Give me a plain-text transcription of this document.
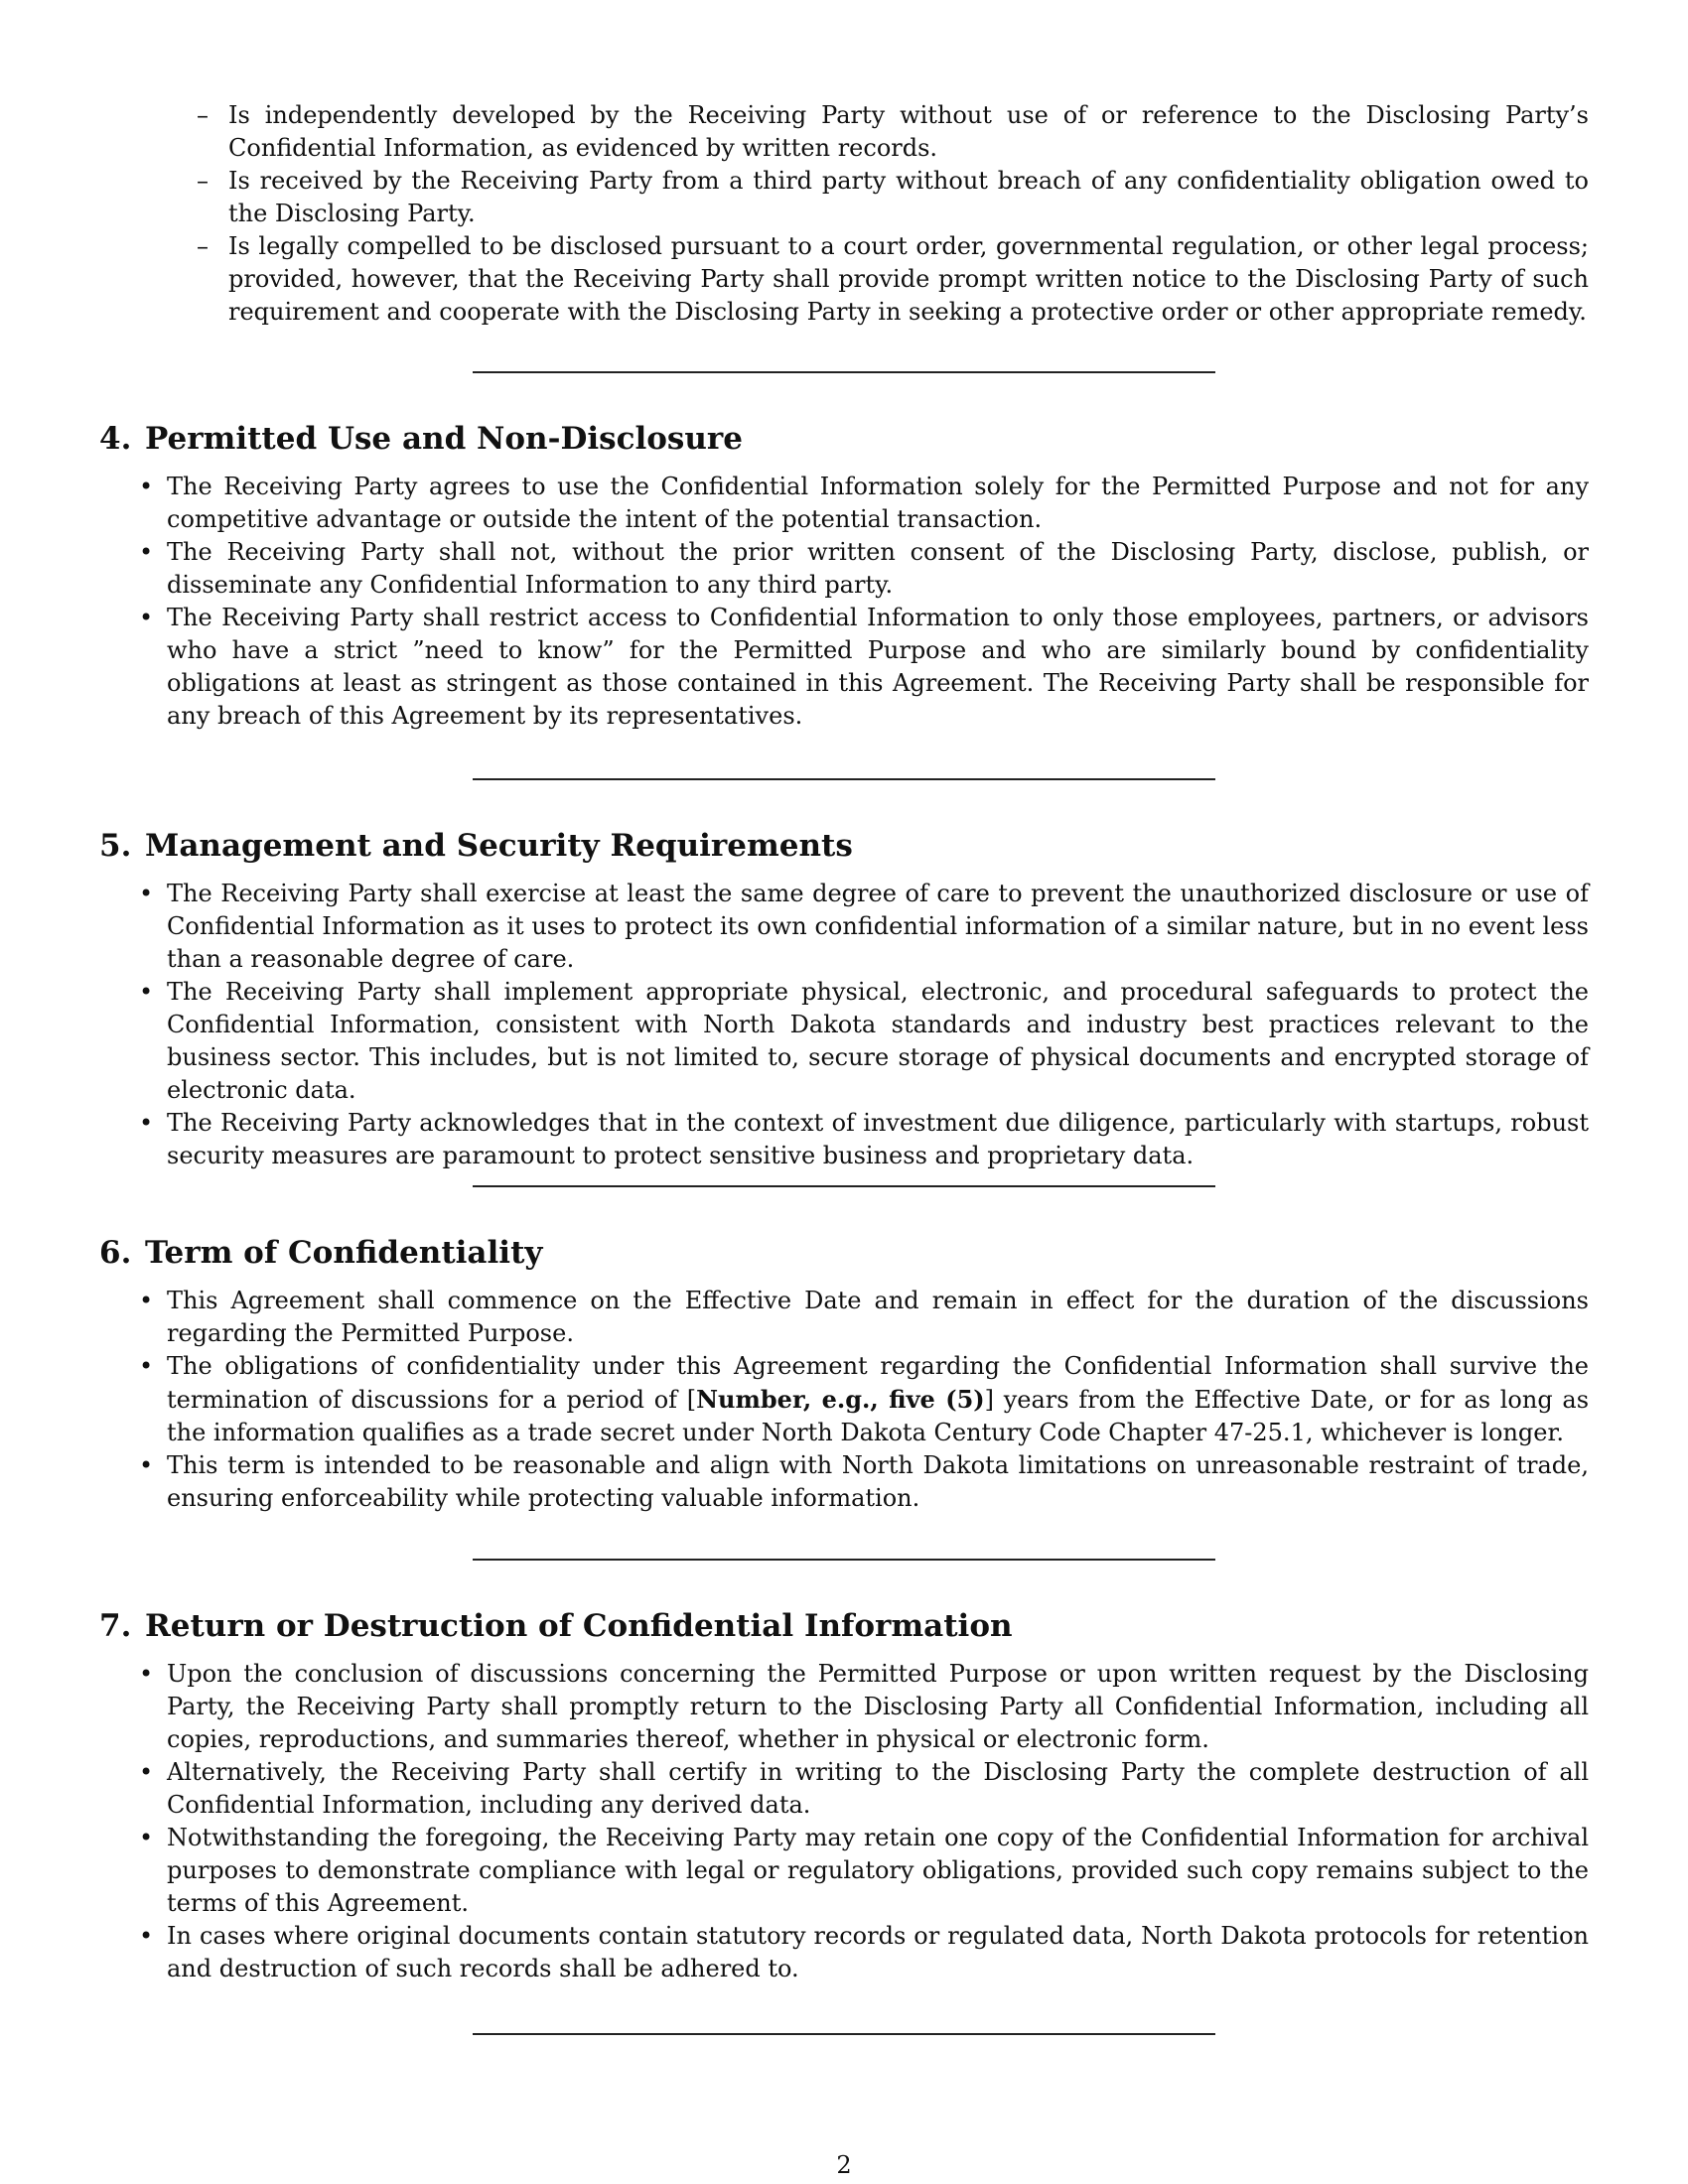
– Is independently developed by the Receiving Party without use of or reference to the Disclosing Party’s Confidential Information, as evidenced by written records.
– Is received by the Receiving Party from a third party without breach of any confidentiality obligation owed to the Disclosing Party.
– Is legally compelled to be disclosed pursuant to a court order, governmental regulation, or other legal process; provided, however, that the Receiving Party shall provide prompt written notice to the Disclosing Party of such requirement and cooperate with the Disclosing Party in seeking a protective order or other appropriate remedy.
4. Permitted Use and Non-Disclosure
• The Receiving Party agrees to use the Confidential Information solely for the Permitted Purpose and not for any competitive advantage or outside the intent of the potential transaction.
• The Receiving Party shall not, without the prior written consent of the Disclosing Party, disclose, publish, or disseminate any Confidential Information to any third party.
• The Receiving Party shall restrict access to Confidential Information to only those employees, partners, or advisors who have a strict ”need to know” for the Permitted Purpose and who are similarly bound by confidentiality obligations at least as stringent as those contained in this Agreement. The Receiving Party shall be responsible for any breach of this Agreement by its representatives.
5. Management and Security Requirements
• The Receiving Party shall exercise at least the same degree of care to prevent the unauthorized disclosure or use of Confidential Information as it uses to protect its own confidential information of a similar nature, but in no event less than a reasonable degree of care.
• The Receiving Party shall implement appropriate physical, electronic, and procedural safeguards to protect the Confidential Information, consistent with North Dakota standards and industry best practices relevant to the business sector. This includes, but is not limited to, secure storage of physical documents and encrypted storage of electronic data.
• The Receiving Party acknowledges that in the context of investment due diligence, particularly with startups, robust security measures are paramount to protect sensitive business and proprietary data.
6. Term of Confidentiality
• This Agreement shall commence on the Effective Date and remain in effect for the duration of the discussions regarding the Permitted Purpose.
• The obligations of confidentiality under this Agreement regarding the Confidential Information shall survive the termination of discussions for a period of [Number, e.g., five (5)] years from the Effective Date, or for as long as the information qualifies as a trade secret under North Dakota Century Code Chapter 47-25.1, whichever is longer.
• This term is intended to be reasonable and align with North Dakota limitations on unreasonable restraint of trade, ensuring enforceability while protecting valuable information.
7. Return or Destruction of Confidential Information
• Upon the conclusion of discussions concerning the Permitted Purpose or upon written request by the Disclosing Party, the Receiving Party shall promptly return to the Disclosing Party all Confidential Information, including all copies, reproductions, and summaries thereof, whether in physical or electronic form.
• Alternatively, the Receiving Party shall certify in writing to the Disclosing Party the complete destruction of all Confidential Information, including any derived data.
• Notwithstanding the foregoing, the Receiving Party may retain one copy of the Confidential Information for archival purposes to demonstrate compliance with legal or regulatory obligations, provided such copy remains subject to the terms of this Agreement.
• In cases where original documents contain statutory records or regulated data, North Dakota protocols for retention and destruction of such records shall be adhered to.
2
